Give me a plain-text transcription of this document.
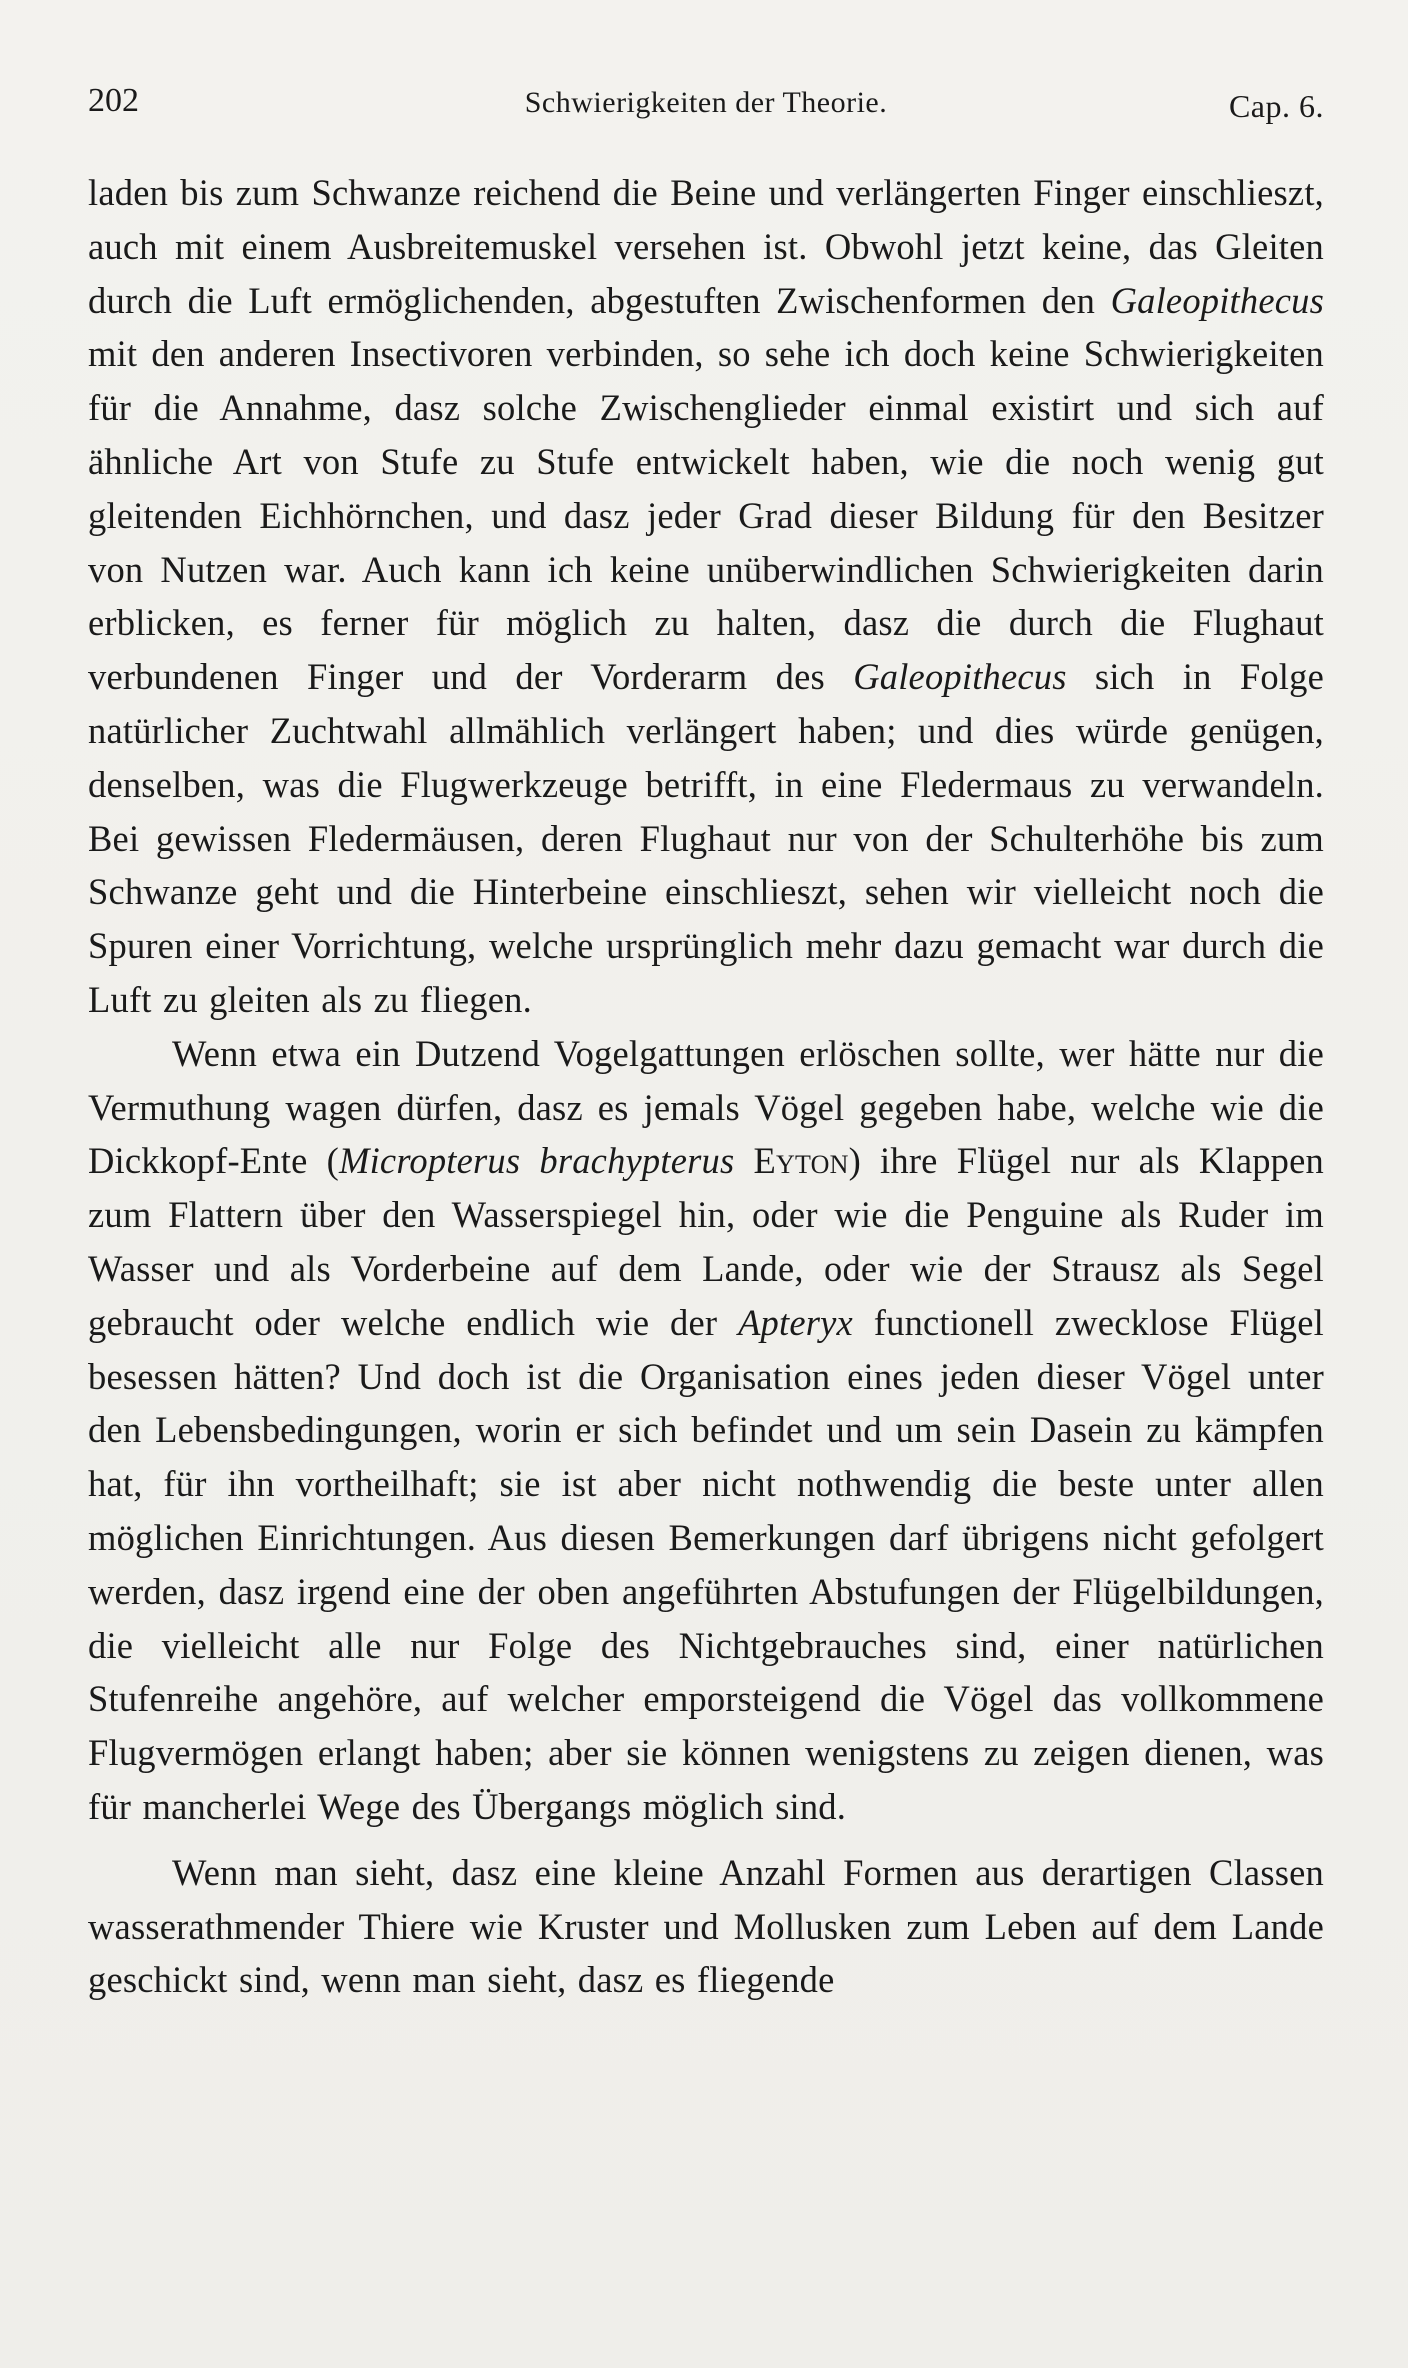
202	Schwierigkeiten der Theorie.	Cap. 6.

laden bis zum Schwanze reichend die Beine und verlängerten Finger einschlieszt, auch mit einem Ausbreitemuskel versehen ist. Obwohl jetzt keine, das Gleiten durch die Luft ermöglichenden, abgestuften Zwischenformen den Galeopithecus mit den anderen Insectivoren verbinden, so sehe ich doch keine Schwierigkeiten für die Annahme, dasz solche Zwischenglieder einmal existirt und sich auf ähnliche Art von Stufe zu Stufe entwickelt haben, wie die noch wenig gut gleitenden Eichhörnchen, und dasz jeder Grad dieser Bildung für den Besitzer von Nutzen war. Auch kann ich keine unüberwindlichen Schwierigkeiten darin erblicken, es ferner für möglich zu halten, dasz die durch die Flughaut verbundenen Finger und der Vorderarm des Galeopithecus sich in Folge natürlicher Zuchtwahl allmählich verlängert haben; und dies würde genügen, denselben, was die Flugwerkzeuge betrifft, in eine Fledermaus zu verwandeln. Bei gewissen Fledermäusen, deren Flughaut nur von der Schulterhöhe bis zum Schwanze geht und die Hinterbeine einschlieszt, sehen wir vielleicht noch die Spuren einer Vorrichtung, welche ursprünglich mehr dazu gemacht war durch die Luft zu gleiten als zu fliegen.

Wenn etwa ein Dutzend Vogelgattungen erlöschen sollte, wer hätte nur die Vermuthung wagen dürfen, dasz es jemals Vögel gegeben habe, welche wie die Dickkopf-Ente (Micropterus brachypterus Eyton) ihre Flügel nur als Klappen zum Flattern über den Wasserspiegel hin, oder wie die Penguine als Ruder im Wasser und als Vorderbeine auf dem Lande, oder wie der Strausz als Segel gebraucht oder welche endlich wie der Apteryx functionell zwecklose Flügel besessen hätten? Und doch ist die Organisation eines jeden dieser Vögel unter den Lebensbedingungen, worin er sich befindet und um sein Dasein zu kämpfen hat, für ihn vortheilhaft; sie ist aber nicht nothwendig die beste unter allen möglichen Einrichtungen. Aus diesen Bemerkungen darf übrigens nicht gefolgert werden, dasz irgend eine der oben angeführten Abstufungen der Flügelbildungen, die vielleicht alle nur Folge des Nichtgebrauches sind, einer natürlichen Stufenreihe angehöre, auf welcher emporsteigend die Vögel das vollkommene Flugvermögen erlangt haben; aber sie können wenigstens zu zeigen dienen, was für mancherlei Wege des Übergangs möglich sind.

Wenn man sieht, dasz eine kleine Anzahl Formen aus derartigen Classen wasserathmender Thiere wie Kruster und Mollusken zum Leben auf dem Lande geschickt sind, wenn man sieht, dasz es fliegende
